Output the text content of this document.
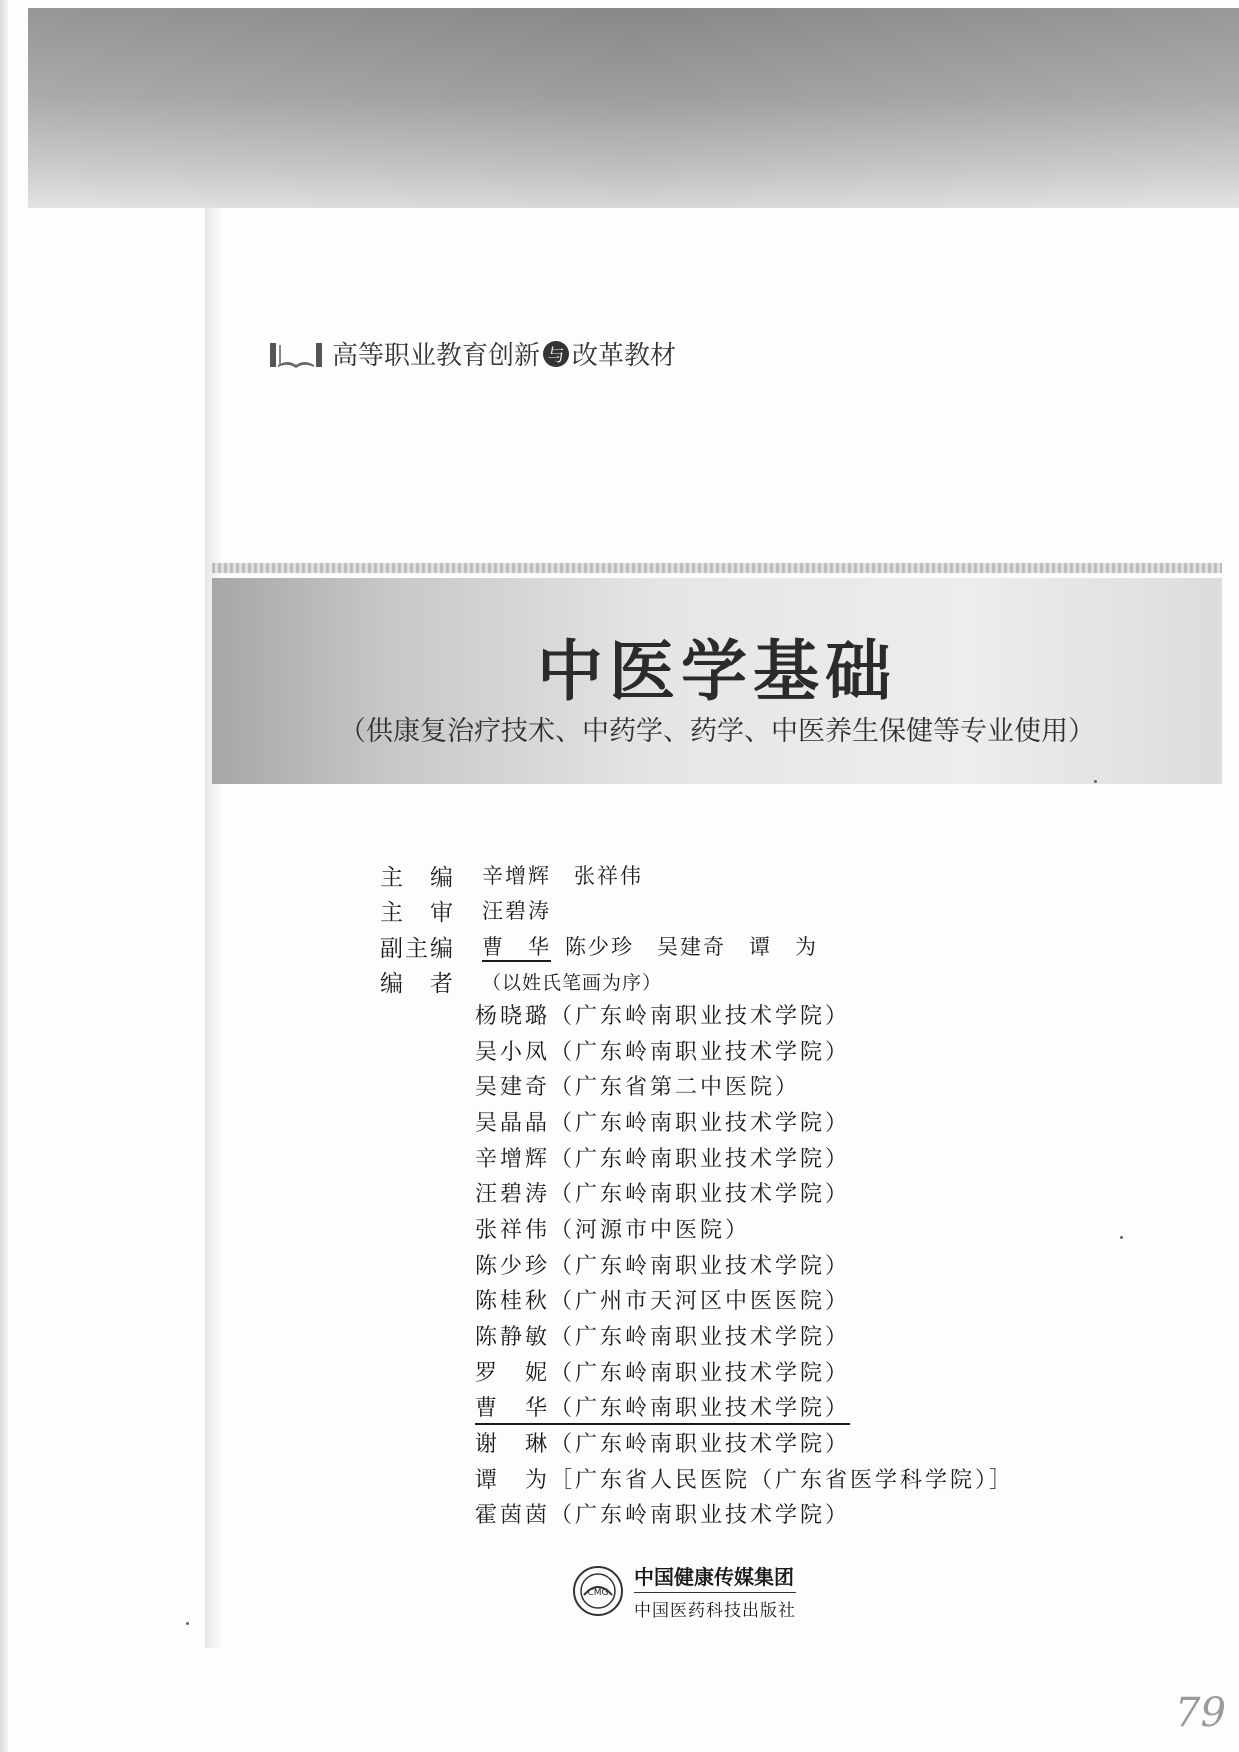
高等职业教育创新 与 改革教材
中医学基础
（供康复治疗技术、中药学、药学、中医养生保健等专业使用）
主　编	辛增辉　张祥伟
主　审	汪碧涛
副主编	曹　华 陈少珍　吴建奇　谭　为
编　者	（以姓氏笔画为序）
杨晓璐（广东岭南职业技术学院）
吴小凤（广东岭南职业技术学院）
吴建奇（广东省第二中医院）
吴晶晶（广东岭南职业技术学院）
辛增辉（广东岭南职业技术学院）
汪碧涛（广东岭南职业技术学院）
张祥伟（河源市中医院）
陈少珍（广东岭南职业技术学院）
陈桂秋（广州市天河区中医医院）
陈静敏（广东岭南职业技术学院）
罗　妮（广东岭南职业技术学院）
曹　华（广东岭南职业技术学院）
谢　琳（广东岭南职业技术学院）
谭　为［广东省人民医院（广东省医学科学院）］
霍茵茵（广东岭南职业技术学院）
CMG
中国健康传媒集团
中国医药科技出版社
79
